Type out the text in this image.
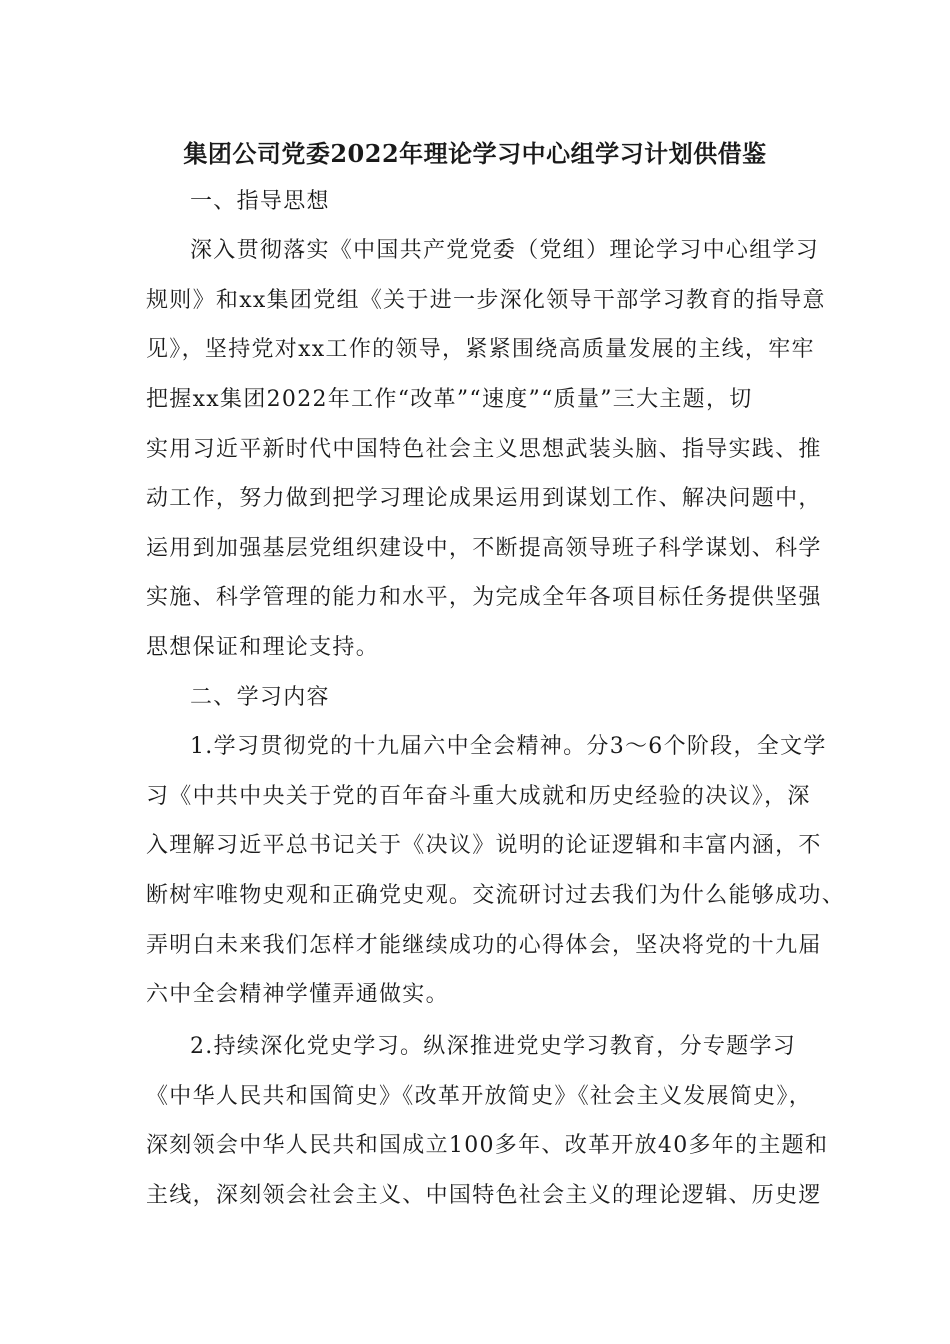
集团公司党委2022年理论学习中心组学习计划供借鉴
一、指导思想
深入贯彻落实《中国共产党党委（党组）理论学习中心组学习
规则》和xx集团党组《关于进一步深化领导干部学习教育的指导意
见》，坚持党对xx工作的领导，紧紧围绕高质量发展的主线，牢牢
把握xx集团2022年工作“改革”“速度”“质量”三大主题，切
实用习近平新时代中国特色社会主义思想武装头脑、指导实践、推
动工作，努力做到把学习理论成果运用到谋划工作、解决问题中，
运用到加强基层党组织建设中，不断提高领导班子科学谋划、科学
实施、科学管理的能力和水平，为完成全年各项目标任务提供坚强
思想保证和理论支持。
二、学习内容
1.学习贯彻党的十九届六中全会精神。分3～6个阶段，全文学
习《中共中央关于党的百年奋斗重大成就和历史经验的决议》，深
入理解习近平总书记关于《决议》说明的论证逻辑和丰富内涵，不
断树牢唯物史观和正确党史观。交流研讨过去我们为什么能够成功、
弄明白未来我们怎样才能继续成功的心得体会，坚决将党的十九届
六中全会精神学懂弄通做实。
2.持续深化党史学习。纵深推进党史学习教育，分专题学习
《中华人民共和国简史》《改革开放简史》《社会主义发展简史》，
深刻领会中华人民共和国成立100多年、改革开放40多年的主题和
主线，深刻领会社会主义、中国特色社会主义的理论逻辑、历史逻
